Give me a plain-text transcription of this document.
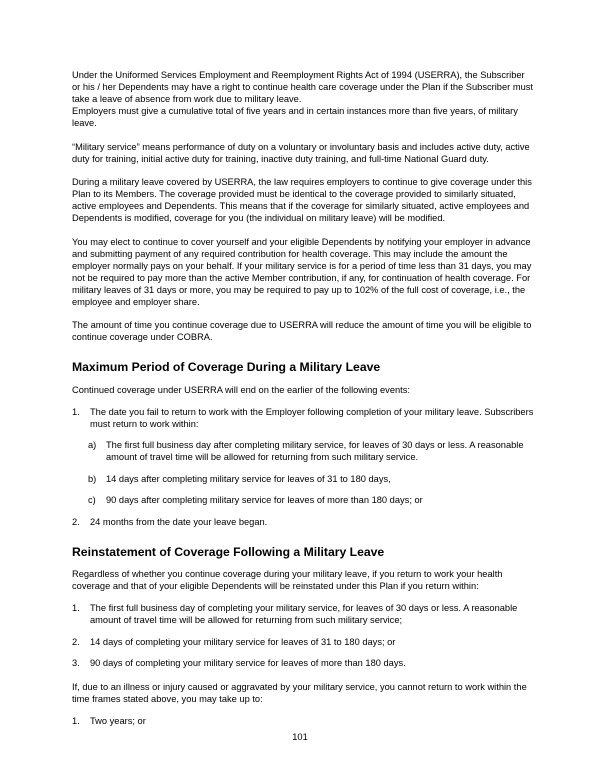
Under the Uniformed Services Employment and Reemployment Rights Act of 1994 (USERRA), the Subscriber or his / her Dependents may have a right to continue health care coverage under the Plan if the Subscriber must take a leave of absence from work due to military leave.

Employers must give a cumulative total of five years and in certain instances more than five years, of military leave.

“Military service” means performance of duty on a voluntary or involuntary basis and includes active duty, active duty for training, initial active duty for training, inactive duty training, and full-time National Guard duty.

During a military leave covered by USERRA, the law requires employers to continue to give coverage under this Plan to its Members. The coverage provided must be identical to the coverage provided to similarly situated, active employees and Dependents. This means that if the coverage for similarly situated, active employees and Dependents is modified, coverage for you (the individual on military leave) will be modified.

You may elect to continue to cover yourself and your eligible Dependents by notifying your employer in advance and submitting payment of any required contribution for health coverage. This may include the amount the employer normally pays on your behalf. If your military service is for a period of time less than 31 days, you may not be required to pay more than the active Member contribution, if any, for continuation of health coverage. For military leaves of 31 days or more, you may be required to pay up to 102% of the full cost of coverage, i.e., the employee and employer share.

The amount of time you continue coverage due to USERRA will reduce the amount of time you will be eligible to continue coverage under COBRA.

Maximum Period of Coverage During a Military Leave

Continued coverage under USERRA will end on the earlier of the following events:

1. The date you fail to return to work with the Employer following completion of your military leave. Subscribers must return to work within:
a) The first full business day after completing military service, for leaves of 30 days or less. A reasonable amount of travel time will be allowed for returning from such military service.
b) 14 days after completing military service for leaves of 31 to 180 days,
c) 90 days after completing military service for leaves of more than 180 days; or
2. 24 months from the date your leave began.
Reinstatement of Coverage Following a Military Leave

Regardless of whether you continue coverage during your military leave, if you return to work your health coverage and that of your eligible Dependents will be reinstated under this Plan if you return within:

1. The first full business day of completing your military service, for leaves of 30 days or less. A reasonable amount of travel time will be allowed for returning from such military service;
2. 14 days of completing your military service for leaves of 31 to 180 days; or
3. 90 days of completing your military service for leaves of more than 180 days.

If, due to an illness or injury caused or aggravated by your military service, you cannot return to work within the time frames stated above, you may take up to:

1. Two years; or
101
